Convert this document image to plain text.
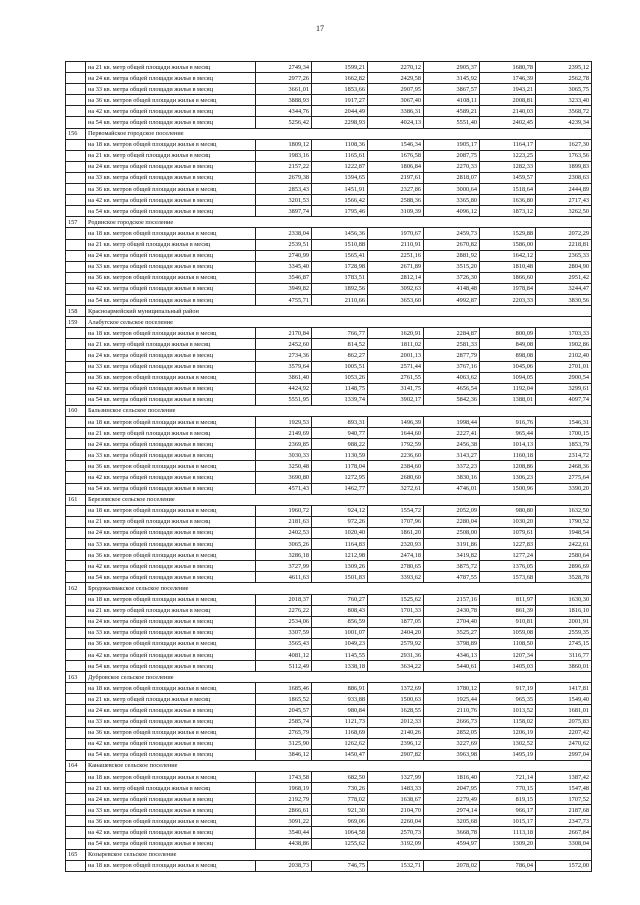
17
	на 21 кв. метр общей площади жилья в месяц	2749,34	1599,21	2270,12	2905,37	1680,78	2395,12
	на 24 кв. метра общей площади жилья в месяц	2977,26	1662,82	2429,58	3145,92	1746,39	2562,78
	на 33 кв. метра общей площади жилья в месяц	3661,01	1853,66	2907,95	3867,57	1943,21	3065,75
	на 36 кв. метров общей площади жилья в месяц	3888,93	1917,27	3067,40	4108,11	2008,81	3233,40
	на 42 кв. метра общей площади жилья в месяц	4344,76	2044,49	3386,31	4589,21	2140,03	3568,72
	на 54 кв. метра общей площади жилья в месяц	5256,42	2298,93	4024,13	5551,40	2402,45	4239,34
156	Первомайское городское поселение						
	на 18 кв. метров общей площади жилья в месяц	1809,12	1108,36	1546,34	1905,17	1164,17	1627,30
	на 21 кв. метр общей площади жилья в месяц	1983,16	1165,61	1676,58	2087,75	1223,25	1763,56
	на 24 кв. метра общей площади жилья в месяц	2157,22	1222,87	1806,84	2270,33	1282,33	1899,83
	на 33 кв. метра общей площади жилья в месяц	2679,38	1394,65	2197,61	2818,07	1459,57	2308,63
	на 36 кв. метров общей площади жилья в месяц	2853,43	1451,91	2327,86	3000,64	1518,64	2444,89
	на 42 кв. метра общей площади жилья в месяц	3201,53	1566,42	2588,36	3365,80	1636,80	2717,43
	на 54 кв. метра общей площади жилья в месяц	3897,74	1795,46	3109,39	4096,12	1873,12	3262,50
157	Родинское городское поселение						
	на 18 кв. метров общей площади жилья в месяц	2338,04	1456,36	1970,67	2459,73	1529,88	2072,29
	на 21 кв. метр общей площади жилья в месяц	2539,51	1510,88	2110,91	2670,82	1586,00	2218,81
	на 24 кв. метра общей площади жилья в месяц	2740,99	1565,41	2251,16	2881,92	1642,12	2365,33
	на 33 кв. метра общей площади жилья в месяц	3345,40	1728,98	2671,89	3515,20	1810,48	2804,90
	на 36 кв. метров общей площади жилья в месяц	3546,87	1783,51	2812,14	3726,30	1866,60	2951,42
	на 42 кв. метра общей площади жилья в месяц	3949,82	1892,56	3092,63	4148,48	1978,84	3244,47
	на 54 кв. метра общей площади жилья в месяц	4755,71	2110,66	3653,60	4992,87	2203,33	3830,56
158	Красноармейский муниципальный район						
159	Алабугское сельское поселение						
	на 18 кв. метров общей площади жилья в месяц	2170,84	766,77	1620,91	2284,87	800,09	1703,33
	на 21 кв. метр общей площади жилья в месяц	2452,60	814,52	1811,02	2581,33	849,08	1902,86
	на 24 кв. метра общей площади жилья в месяц	2734,36	862,27	2001,13	2877,79	898,08	2102,40
	на 33 кв. метра общей площади жилья в месяц	3579,64	1005,51	2571,44	3767,16	1045,06	2701,01
	на 36 кв. метров общей площади жилья в месяц	3861,40	1053,26	2761,55	4063,62	1094,05	2900,54
	на 42 кв. метра общей площади жилья в месяц	4424,92	1148,75	3141,75	4656,54	1192,04	3299,61
	на 54 кв. метра общей площади жилья в месяц	5551,95	1339,74	3902,17	5842,36	1388,01	4097,74
160	Бальзинское сельское поселение						
	на 18 кв. метров общей площади жилья в месяц	1929,53	893,31	1496,39	1998,44	916,76	1546,31
	на 21 кв. метр общей площади жилья в месяц	2149,69	940,77	1644,60	2227,41	965,44	1700,15
	на 24 кв. метра общей площади жилья в месяц	2369,85	988,22	1792,59	2456,38	1014,13	1853,79
	на 33 кв. метра общей площади жилья в месяц	3030,33	1130,59	2236,60	3143,27	1160,18	2314,72
	на 36 кв. метров общей площади жилья в месяц	3250,48	1178,04	2384,60	3372,23	1208,86	2468,36
	на 42 кв. метра общей площади жилья в месяц	3690,80	1272,95	2680,60	3830,16	1306,23	2775,64
	на 54 кв. метра общей площади жилья в месяц	4571,43	1462,77	3272,61	4746,01	1500,96	3390,20
161	Березовское сельское поселение						
	на 18 кв. метров общей площади жилья в месяц	1960,72	924,12	1554,72	2052,09	980,80	1632,50
	на 21 кв. метр общей площади жилья в месяц	2181,63	972,26	1707,96	2280,04	1030,20	1790,52
	на 24 кв. метра общей площади жилья в месяц	2402,53	1020,40	1861,20	2508,00	1079,61	1948,54
	на 33 кв. метра общей площади жилья в месяц	3065,26	1164,83	2320,93	3191,86	1227,83	2422,61
	на 36 кв. метров общей площади жилья в месяц	3286,18	1212,98	2474,18	3419,82	1277,24	2580,64
	на 42 кв. метра общей площади жилья в месяц	3727,99	1309,26	2780,65	3875,72	1376,05	2896,69
	на 54 кв. метра общей площади жилья в месяц	4611,63	1501,83	3393,62	4787,55	1573,68	3528,78
162	Бродокалмакское сельское поселение						
	на 18 кв. метров общей площади жилья в месяц	2018,37	760,27	1525,62	2157,16	811,97	1630,30
	на 21 кв. метр общей площади жилья в месяц	2276,22	808,43	1701,33	2430,78	861,39	1816,10
	на 24 кв. метра общей площади жилья в месяц	2534,06	856,59	1877,05	2704,40	910,81	2001,91
	на 33 кв. метра общей площади жилья в месяц	3307,59	1001,07	2404,20	3525,27	1059,08	2559,35
	на 36 кв. метров общей площади жилья в месяц	3565,43	1049,23	2579,92	3798,89	1108,50	2745,15
	на 42 кв. метра общей площади жилья в месяц	4081,12	1145,55	2931,36	4346,13	1207,34	3116,77
	на 54 кв. метра общей площади жилья в месяц	5112,49	1338,18	3634,22	5440,61	1405,03	3860,01
163	Дубровское сельское поселение						
	на 18 кв. метров общей площади жилья в месяц	1685,46	886,91	1372,69	1780,12	917,19	1417,81
	на 21 кв. метр общей площади жилья в месяц	1865,52	933,88	1500,63	1925,44	965,35	1549,40
	на 24 кв. метра общей площади жилья в месяц	2045,57	980,84	1628,55	2110,76	1013,52	1681,01
	на 33 кв. метра общей площади жилья в месяц	2585,74	1121,73	2012,33	2666,73	1158,02	2075,83
	на 36 кв. метров общей площади жилья в месяц	2765,79	1168,69	2140,26	2852,05	1206,19	2207,42
	на 42 кв. метра общей площади жилья в месяц	3125,90	1262,62	2396,12	3227,69	1302,52	2470,62
	на 54 кв. метра общей площади жилья в месяц	3846,12	1450,47	2907,82	3963,98	1495,19	2997,04
164	Канашевское сельское поселение						
	на 18 кв. метров общей площади жилья в месяц	1743,58	682,50	1327,99	1816,40	721,14	1387,42
	на 21 кв. метр общей площади жилья в месяц	1968,19	730,26	1483,33	2047,95	770,15	1547,48
	на 24 кв. метра общей площади жилья в месяц	2192,79	778,02	1638,67	2279,49	819,15	1707,52
	на 33 кв. метра общей площади жилья в месяц	2866,61	921,30	2104,70	2974,14	966,17	2187,68
	на 36 кв. метров общей площади жилья в месяц	3091,22	969,06	2260,04	3205,68	1015,17	2347,73
	на 42 кв. метра общей площади жилья в месяц	3540,44	1064,58	2570,73	3668,78	1113,18	2667,84
	на 54 кв. метра общей площади жилья в месяц	4438,86	1255,62	3192,09	4594,97	1309,20	3308,04
165	Козыревское сельское поселение						
	на 18 кв. метров общей площади жилья в месяц	2038,73	746,75	1532,71	2078,02	786,04	1572,00
